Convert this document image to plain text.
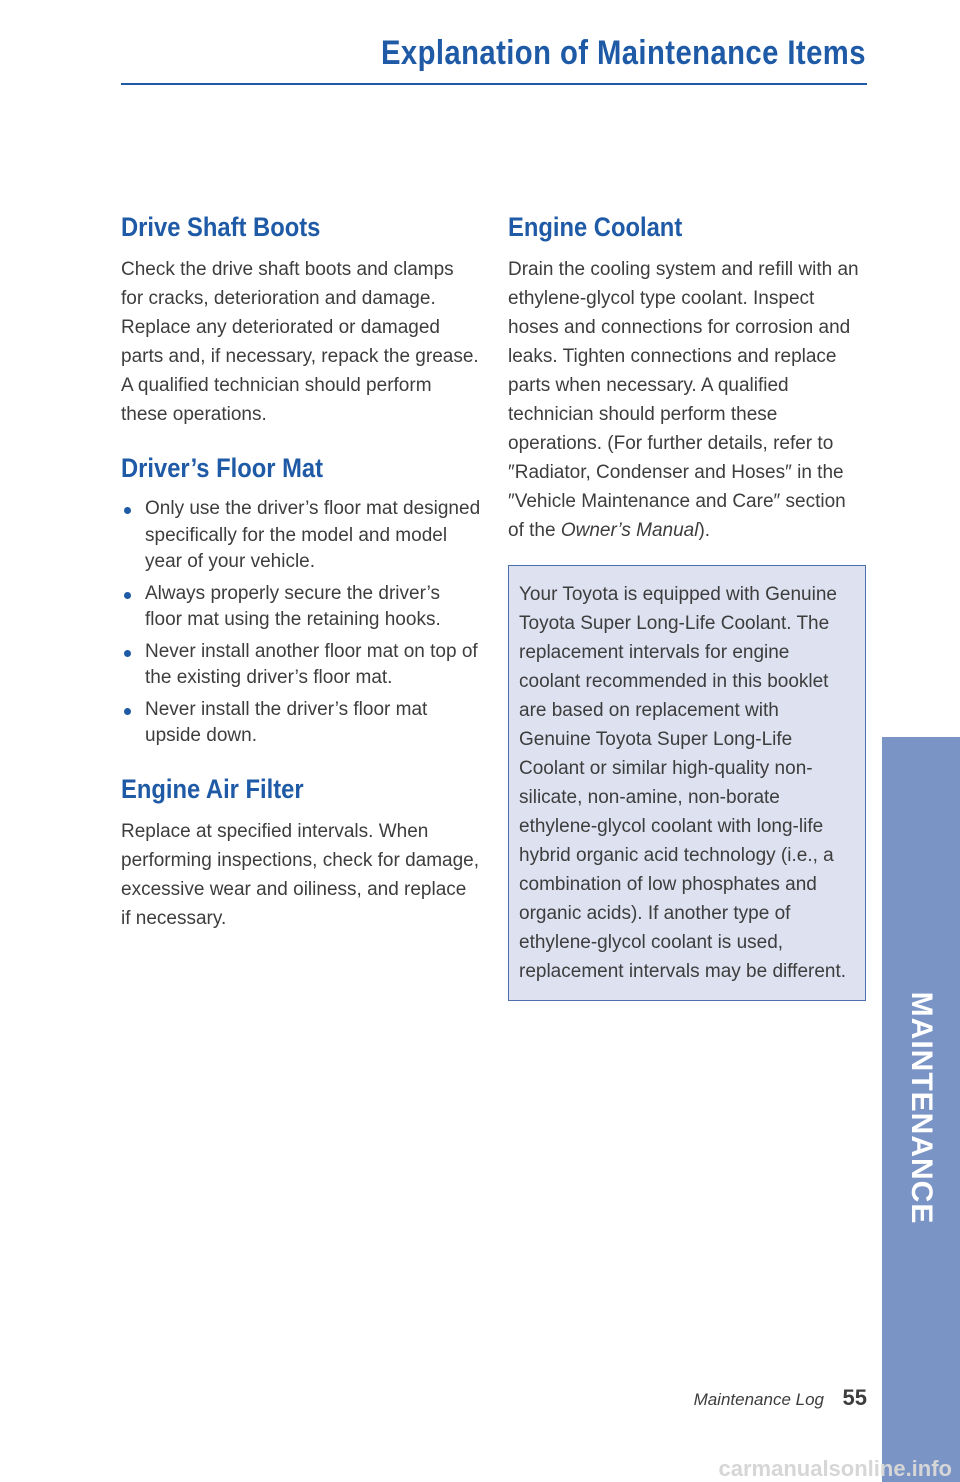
Explanation of Maintenance Items
Drive Shaft Boots

Check the drive shaft boots and clamps for cracks, deterioration and damage. Replace any deteriorated or damaged parts and, if necessary, repack the grease. A qualified technician should perform these operations.

Driver’s Floor Mat
Only use the driver’s floor mat designed specifically for the model and model year of your vehicle.
Always properly secure the driver’s floor mat using the retaining hooks.
Never install another floor mat on top of the existing driver’s floor mat.
Never install the driver’s floor mat upside down.
Engine Air Filter

Replace at specified intervals. When performing inspections, check for damage, excessive wear and oiliness, and replace if necessary.

Engine Coolant

Drain the cooling system and refill with an ethylene-glycol type coolant. Inspect hoses and connections for corrosion and leaks. Tighten connections and replace parts when necessary. A qualified technician should perform these operations. (For further details, refer to ″Radiator, Condenser and Hoses″ in the ″Vehicle Maintenance and Care″ section of the Owner’s Manual).

Your Toyota is equipped with Genuine Toyota Super Long-Life Coolant. The replacement intervals for engine coolant recommended in this booklet are based on replacement with Genuine Toyota Super Long-Life Coolant or similar high-quality non-silicate, non-amine, non-borate ethylene-glycol coolant with long-life hybrid organic acid technology (i.e., a combination of low phosphates and organic acids). If another type of ethylene-glycol coolant is used, replacement intervals may be different.

MAINTENANCE
Maintenance Log 55
carmanualsonline.info
